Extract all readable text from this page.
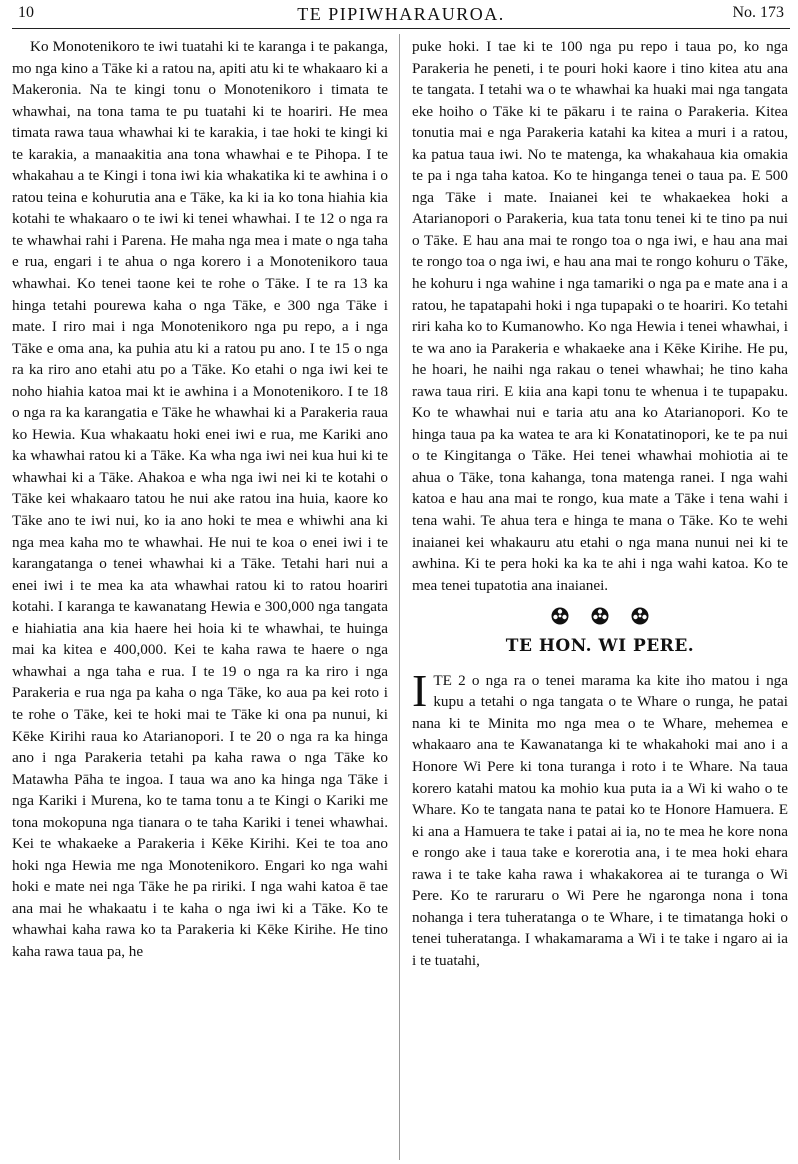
10	TE PIPIWHARAUROA.	No. 173

Ko Monotenikoro te iwi tuatahi ki te karanga i te pakanga, mo nga kino a Tāke ki a ratou na, apiti atu ki te whakaaro ki a Makeronia. Na te kingi tonu o Monotenikoro i timata te whawhai, na tona tama te pu tuatahi ki te hoariri. He mea timata rawa taua whawhai ki te karakia, i tae hoki te kingi ki te karakia, a manaakitia ana tona whawhai e te Pihopa. I te whakahau a te Kingi i tona iwi kia whakatika ki te awhina i o ratou teina e kohurutia ana e Tāke, ka ki ia ko tona hiahia kia kotahi te whakaaro o te iwi ki tenei whawhai. I te 12 o nga ra te whawhai rahi i Parena. He maha nga mea i mate o nga taha e rua, engari i te ahua o nga korero i a Monotenikoro taua whawhai. Ko tenei taone kei te rohe o Tāke. I te ra 13 ka hinga tetahi pourewa kaha o nga Tāke, e 300 nga Tāke i mate. I riro mai i nga Monotenikoro nga pu repo, a i nga Tāke e oma ana, ka puhia atu ki a ratou pu ano. I te 15 o nga ra ka riro ano etahi atu po a Tāke. Ko etahi o nga iwi kei te noho hiahia katoa mai kt ie awhina i a Monotenikoro. I te 18 o nga ra ka karangatia e Tāke he whawhai ki a Parakeria raua ko Hewia. Kua whakaatu hoki enei iwi e rua, me Kariki ano ka whawhai ratou ki a Tāke. Ka wha nga iwi nei kua hui ki te whawhai ki a Tāke. Ahakoa e wha nga iwi nei ki te kotahi o Tāke kei whakaaro tatou he nui ake ratou ina huia, kaore ko Tāke ano te iwi nui, ko ia ano hoki te mea e whiwhi ana ki nga mea kaha mo te whawhai. He nui te koa o enei iwi i te karangatanga o tenei whawhai ki a Tāke. Tetahi hari nui a enei iwi i te mea ka ata whawhai ratou ki to ratou hoariri kotahi. I karanga te kawanatang Hewia e 300,000 nga tangata e hiahiatia ana kia haere hei hoia ki te whawhai, te huinga mai ka kitea e 400,000. Kei te kaha rawa te haere o nga whawhai a nga taha e rua. I te 19 o nga ra ka riro i nga Parakeria e rua nga pa kaha o nga Tāke, ko aua pa kei roto i te rohe o Tāke, kei te hoki mai te Tāke ki ona pa nunui, ki Kēke Kirihi raua ko Atarianopori. I te 20 o nga ra ka hinga ano i nga Parakeria tetahi pa kaha rawa o nga Tāke ko Matawha Pāha te ingoa. I taua wa ano ka hinga nga Tāke i nga Kariki i Murena, ko te tama tonu a te Kingi o Kariki me tona mokopuna nga tianara o te taha Kariki i tenei whawhai. Kei te whakaeke a Parakeria i Kēke Kirihi. Kei te toa ano hoki nga Hewia me nga Monotenikoro. Engari ko nga wahi hoki e mate nei nga Tāke he pa ririki. I nga wahi katoa ē tae ana mai he whakaatu i te kaha o nga iwi ki a Tāke. Ko te whawhai kaha rawa ko ta Parakeria ki Kēke Kirihe. He tino kaha rawa taua pa, he

puke hoki. I tae ki te 100 nga pu repo i taua po, ko nga Parakeria he peneti, i te pouri hoki kaore i tino kitea atu ana te tangata. I tetahi wa o te whawhai ka huaki mai nga tangata eke hoiho o Tāke ki te pākaru i te raina o Parakeria. Kitea tonutia mai e nga Parakeria katahi ka kitea a muri i a ratou, ka patua taua iwi. No te matenga, ka whakahaua kia omakia te pa i nga taha katoa. Ko te hinganga tenei o taua pa. E 500 nga Tāke i mate. Inaianei kei te whakaekea hoki a Atarianopori o Parakeria, kua tata tonu tenei ki te tino pa nui o Tāke. E hau ana mai te rongo toa o nga iwi, e hau ana mai te rongo toa o nga iwi, e hau ana mai te rongo kohuru o Tāke, he kohuru i nga wahine i nga tamariki o nga pa e mate ana i a ratou, he tapatapahi hoki i nga tupapaki o te hoariri. Ko tetahi riri kaha ko to Kumanowho. Ko nga Hewia i tenei whawhai, i te wa ano ia Parakeria e whakaeke ana i Kēke Kirihe. He pu, he hoari, he naihi nga rakau o tenei whawhai; he tino kaha rawa taua riri. E kiia ana kapi tonu te whenua i te tupapaku. Ko te whawhai nui e taria atu ana ko Atarianopori. Ko te hinga taua pa ka watea te ara ki Konatatinopori, ke te pa nui o te Kingitanga o Tāke. Hei tenei whawhai mohiotia ai te ahua o Tāke, tona kahanga, tona matenga ranei. I nga wahi katoa e hau ana mai te rongo, kua mate a Tāke i tena wahi i tena wahi. Te ahua tera e hinga te mana o Tāke. Ko te wehi inaianei kei whakauru atu etahi o nga mana nunui nei ki te awhina. Ki te pera hoki ka ka te ahi i nga wahi katoa. Ko te mea tenei tupatotia ana inaianei.

TE HON. WI PERE.

ITE 2 o nga ra o tenei marama ka kite iho matou i nga kupu a tetahi o nga tangata o te Whare o runga, he patai nana ki te Minita mo nga mea o te Whare, mehemea e whakaaro ana te Kawanatanga ki te whakahoki mai ano i a Honore Wi Pere ki tona turanga i roto i te Whare. Na taua korero katahi matou ka mohio kua puta ia a Wi ki waho o te Whare. Ko te tangata nana te patai ko te Honore Hamuera. E ki ana a Hamuera te take i patai ai ia, no te mea he kore nona e rongo ake i taua take e korerotia ana, i te mea hoki ehara rawa i te take kaha rawa i whakakorea ai te turanga o Wi Pere. Ko te raruraru o Wi Pere he ngaronga nona i tona nohanga i tera tuheratanga o te Whare, i te timatanga hoki o tenei tuheratanga. I whakamarama a Wi i te take i ngaro ai ia i te tuatahi,
